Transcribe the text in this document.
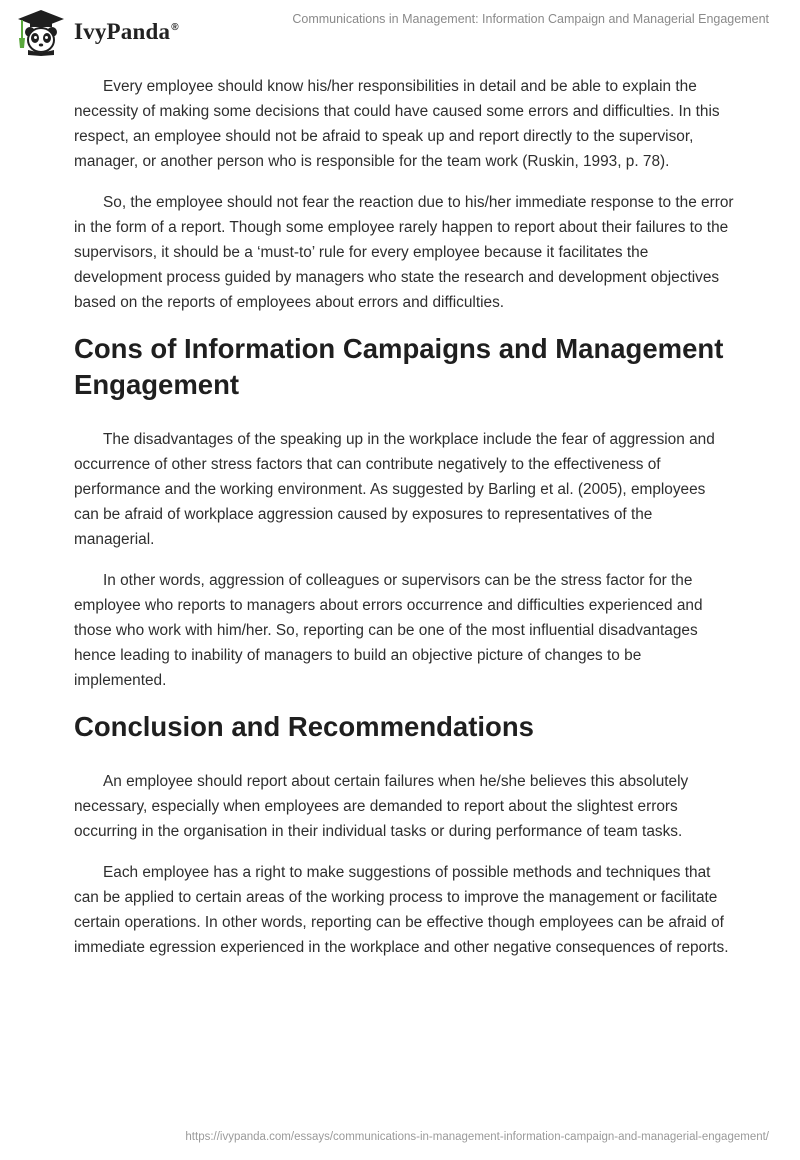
IvyPanda®
Communications in Management: Information Campaign and Managerial Engagement

Every employee should know his/her responsibilities in detail and be able to explain the necessity of making some decisions that could have caused some errors and difficulties. In this respect, an employee should not be afraid to speak up and report directly to the supervisor, manager, or another person who is responsible for the team work (Ruskin, 1993, p. 78).

So, the employee should not fear the reaction due to his/her immediate response to the error in the form of a report. Though some employee rarely happen to report about their failures to the supervisors, it should be a ‘must-to’ rule for every employee because it facilitates the development process guided by managers who state the research and development objectives based on the reports of employees about errors and difficulties.

Cons of Information Campaigns and Management Engagement

The disadvantages of the speaking up in the workplace include the fear of aggression and occurrence of other stress factors that can contribute negatively to the effectiveness of performance and the working environment. As suggested by Barling et al. (2005), employees can be afraid of workplace aggression caused by exposures to representatives of the managerial.

In other words, aggression of colleagues or supervisors can be the stress factor for the employee who reports to managers about errors occurrence and difficulties experienced and those who work with him/her. So, reporting can be one of the most influential disadvantages hence leading to inability of managers to build an objective picture of changes to be implemented.

Conclusion and Recommendations

An employee should report about certain failures when he/she believes this absolutely necessary, especially when employees are demanded to report about the slightest errors occurring in the organisation in their individual tasks or during performance of team tasks.

Each employee has a right to make suggestions of possible methods and techniques that can be applied to certain areas of the working process to improve the management or facilitate certain operations. In other words, reporting can be effective though employees can be afraid of immediate egression experienced in the workplace and other negative consequences of reports.

https://ivypanda.com/essays/communications-in-management-information-campaign-and-managerial-engagement/
